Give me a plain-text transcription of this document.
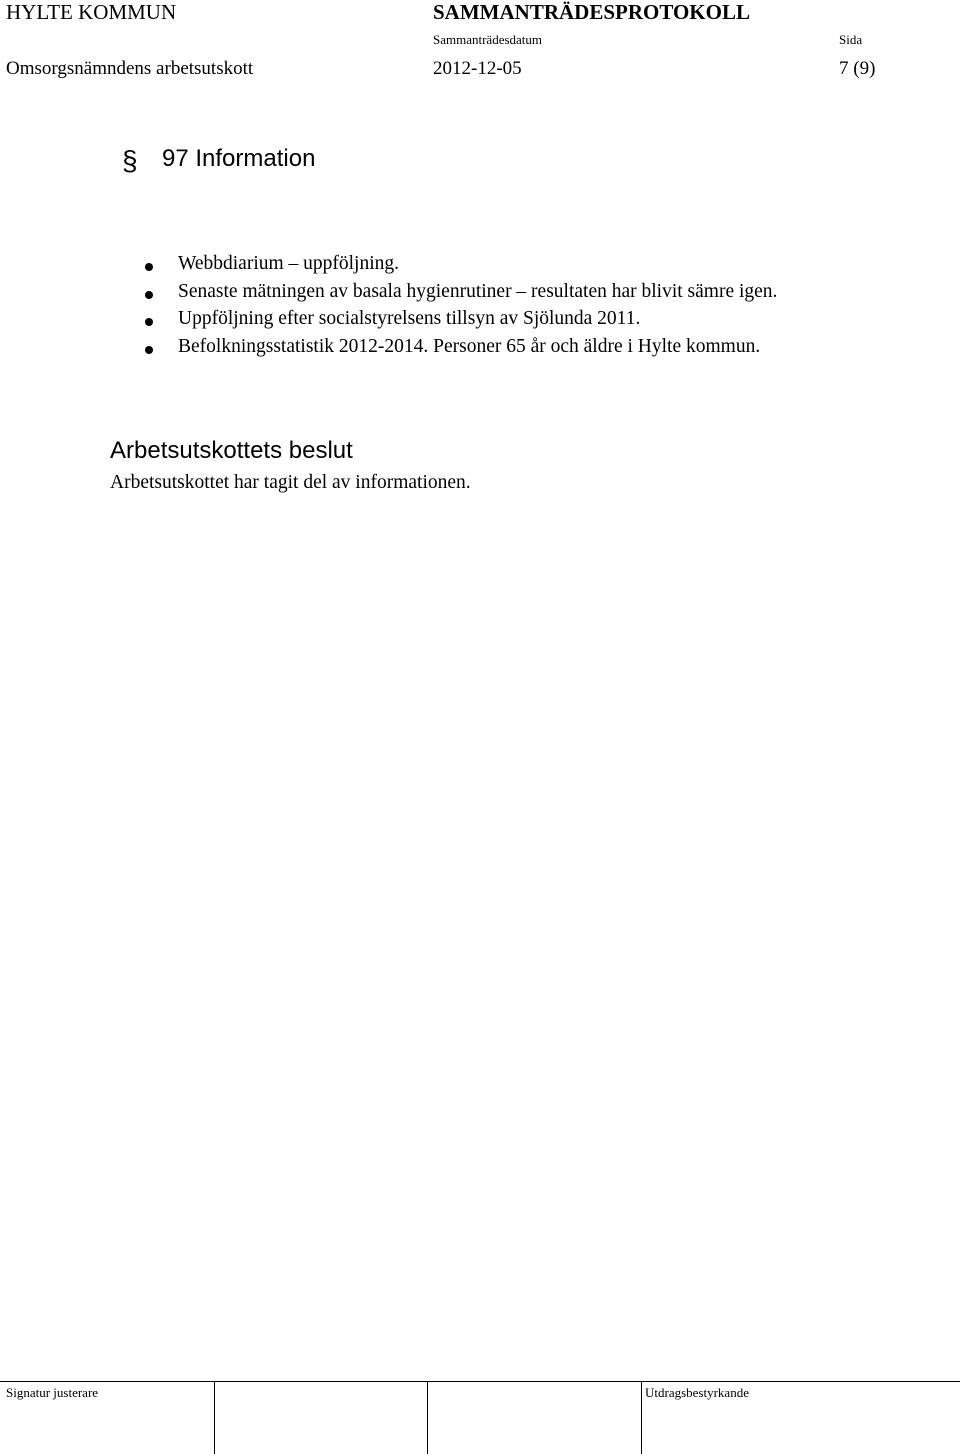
HYLTE KOMMUN	SAMMANTRÄDESPROTOKOLL
Sammanträdesdatum	Sida
Omsorgsnämndens arbetsutskott	2012-12-05	7 (9)
§ 97 Information
Webbdiarium – uppföljning.
Senaste mätningen av basala hygienrutiner – resultaten har blivit sämre igen.
Uppföljning efter socialstyrelsens tillsyn av Sjölunda 2011.
Befolkningsstatistik 2012-2014. Personer 65 år och äldre i Hylte kommun.
Arbetsutskottets beslut
Arbetsutskottet har tagit del av informationen.
Signatur justerare	Utdragsbestyrkande
